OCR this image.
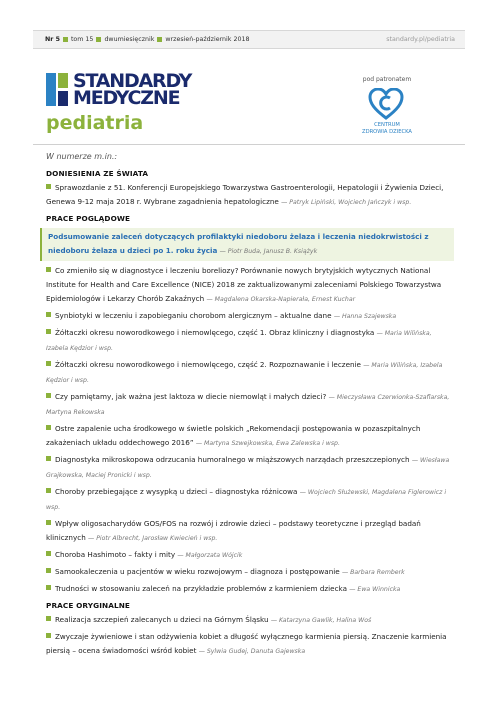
Nr 5 tom 15 dwumiesięcznik wrzesień-październik 2018	standardy.pl/pediatria
STANDARDY
MEDYCZNE
pediatria
pod patronatem
CENTRUM
ZDROWIA DZIECKA
W numerze m.in.:
DONIESIENIA ZE ŚWIATA
Sprawozdanie z 51. Konferencji Europejskiego Towarzystwa Gastroenterologii, Hepatologii i Żywienia Dzieci, Genewa 9-12 maja 2018 r. Wybrane zagadnienia hepatologiczne — Patryk Lipiński, Wojciech Jańczyk i wsp.
PRACE POGLĄDOWE
Podsumowanie zaleceń dotyczących profilaktyki niedoboru żelaza i leczenia niedokrwistości z niedoboru żelaza u dzieci po 1. roku życia — Piotr Buda, Janusz B. Książyk
Co zmieniło się w diagnostyce i leczeniu boreliozy? Porównanie nowych brytyjskich wytycznych National Institute for Health and Care Excellence (NICE) 2018 ze zaktualizowanymi zaleceniami Polskiego Towarzystwa Epidemiologów i Lekarzy Chorób Zakaźnych — Magdalena Okarska-Napierała, Ernest Kuchar
Synbiotyki w leczeniu i zapobieganiu chorobom alergicznym – aktualne dane — Hanna Szajewska
Żółtaczki okresu noworodkowego i niemowlęcego, część 1. Obraz kliniczny i diagnostyka — Maria Wilińska, Izabela Kędzior i wsp.
Żółtaczki okresu noworodkowego i niemowlęcego, część 2. Rozpoznawanie i leczenie — Maria Wilińska, Izabela Kędzior i wsp.
Czy pamiętamy, jak ważna jest laktoza w diecie niemowląt i małych dzieci? — Mieczysława Czerwionka-Szaflarska, Martyna Rekowska
Ostre zapalenie ucha środkowego w świetle polskich „Rekomendacji postępowania w pozaszpitalnych zakażeniach układu oddechowego 2016” — Martyna Szwejkowska, Ewa Zalewska i wsp.
Diagnostyka mikroskopowa odrzucania humoralnego w miąższowych narządach przeszczepionych — Wiesława Grajkowska, Maciej Pronicki i wsp.
Choroby przebiegające z wysypką u dzieci – diagnostyka różnicowa — Wojciech Służewski, Magdalena Figlerowicz i wsp.
Wpływ oligosacharydów GOS/FOS na rozwój i zdrowie dzieci – podstawy teoretyczne i przegląd badań klinicznych — Piotr Albrecht, Jarosław Kwiecień i wsp.
Choroba Hashimoto – fakty i mity — Małgorzata Wójcik
Samookaleczenia u pacjentów w wieku rozwojowym – diagnoza i postępowanie — Barbara Remberk
Trudności w stosowaniu zaleceń na przykładzie problemów z karmieniem dziecka — Ewa Winnicka
PRACE ORYGINALNE
Realizacja szczepień zalecanych u dzieci na Górnym Śląsku — Katarzyna Gawlik, Halina Woś
Zwyczaje żywieniowe i stan odżywienia kobiet a długość wyłącznego karmienia piersią. Znaczenie karmienia piersią – ocena świadomości wśród kobiet — Sylwia Gudej, Danuta Gajewska
